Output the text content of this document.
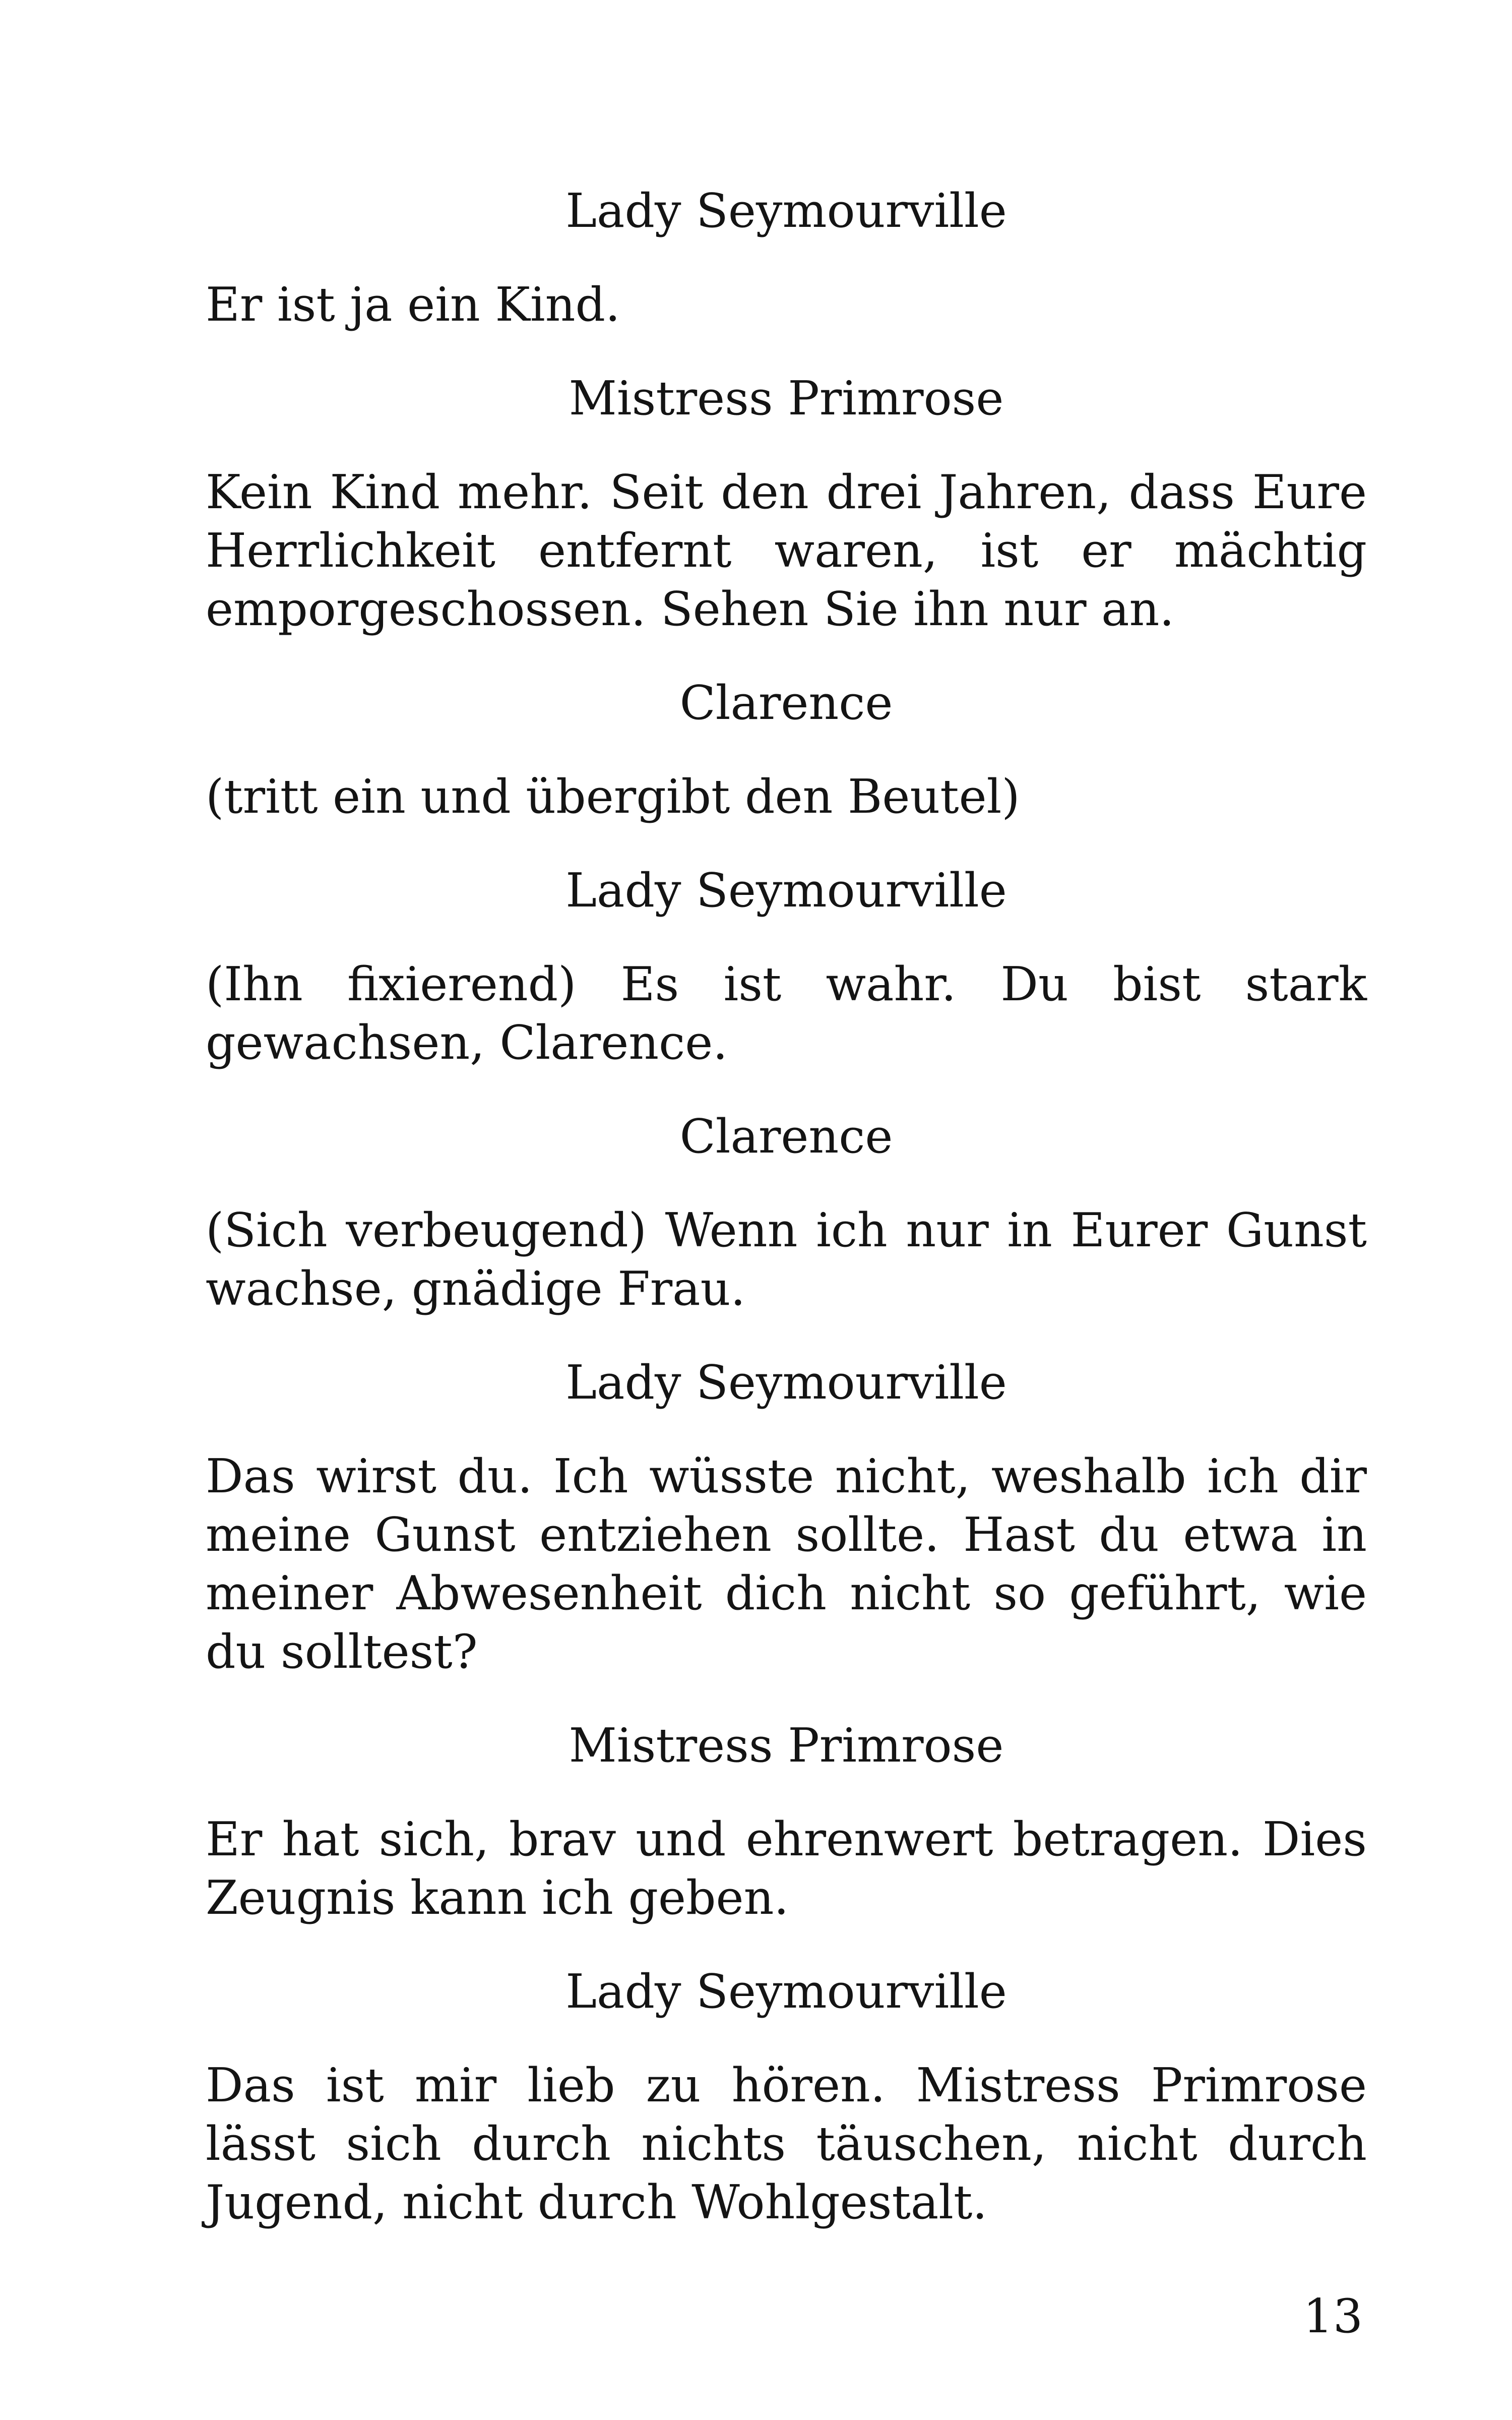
Lady Seymourville
Er ist ja ein Kind.
Mistress Primrose
Kein Kind mehr. Seit den drei Jahren, dass Eure Herrlichkeit entfernt waren, ist er mächtig emporgeschossen. Sehen Sie ihn nur an.
Clarence
(tritt ein und übergibt den Beutel)
Lady Seymourville
(Ihn fixierend) Es ist wahr. Du bist stark gewachsen, Clarence.
Clarence
(Sich verbeugend) Wenn ich nur in Eurer Gunst wachse, gnädige Frau.
Lady Seymourville
Das wirst du. Ich wüsste nicht, weshalb ich dir meine Gunst entziehen sollte. Hast du etwa in meiner Abwesenheit dich nicht so geführt, wie du solltest?
Mistress Primrose
Er hat sich, brav und ehrenwert betragen. Dies Zeugnis kann ich geben.
Lady Seymourville
Das ist mir lieb zu hören. Mistress Primrose lässt sich durch nichts täuschen, nicht durch Jugend, nicht durch Wohlgestalt.
13
